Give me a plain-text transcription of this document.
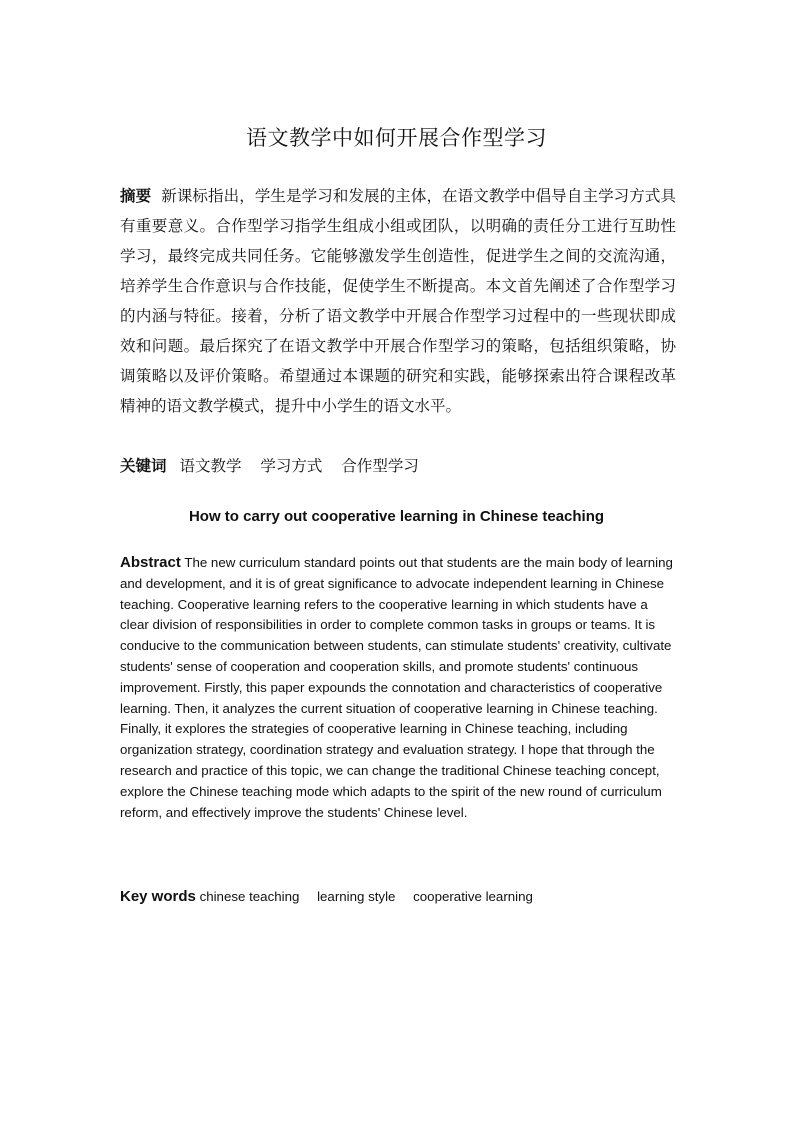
语文教学中如何开展合作型学习
摘要 新课标指出，学生是学习和发展的主体，在语文教学中倡导自主学习方式具有重要意义。合作型学习指学生组成小组或团队，以明确的责任分工进行互助性学习，最终完成共同任务。它能够激发学生创造性，促进学生之间的交流沟通，培养学生合作意识与合作技能，促使学生不断提高。本文首先阐述了合作型学习的内涵与特征。接着，分析了语文教学中开展合作型学习过程中的一些现状即成效和问题。最后探究了在语文教学中开展合作型学习的策略，包括组织策略，协调策略以及评价策略。希望通过本课题的研究和实践，能够探索出符合课程改革精神的语文教学模式，提升中小学生的语文水平。
关键词 语文教学 学习方式 合作型学习
How to carry out cooperative learning in Chinese teaching
Abstract The new curriculum standard points out that students are the main body of learning and development, and it is of great significance to advocate independent learning in Chinese teaching. Cooperative learning refers to the cooperative learning in which students have a clear division of responsibilities in order to complete common tasks in groups or teams. It is conducive to the communication between students, can stimulate students' creativity, cultivate students' sense of cooperation and cooperation skills, and promote students' continuous improvement. Firstly, this paper expounds the connotation and characteristics of cooperative learning. Then, it analyzes the current situation of cooperative learning in Chinese teaching. Finally, it explores the strategies of cooperative learning in Chinese teaching, including organization strategy, coordination strategy and evaluation strategy. I hope that through the research and practice of this topic, we can change the traditional Chinese teaching concept, explore the Chinese teaching mode which adapts to the spirit of the new round of curriculum reform, and effectively improve the students' Chinese level.
Key words chinese teaching learning style cooperative learning
